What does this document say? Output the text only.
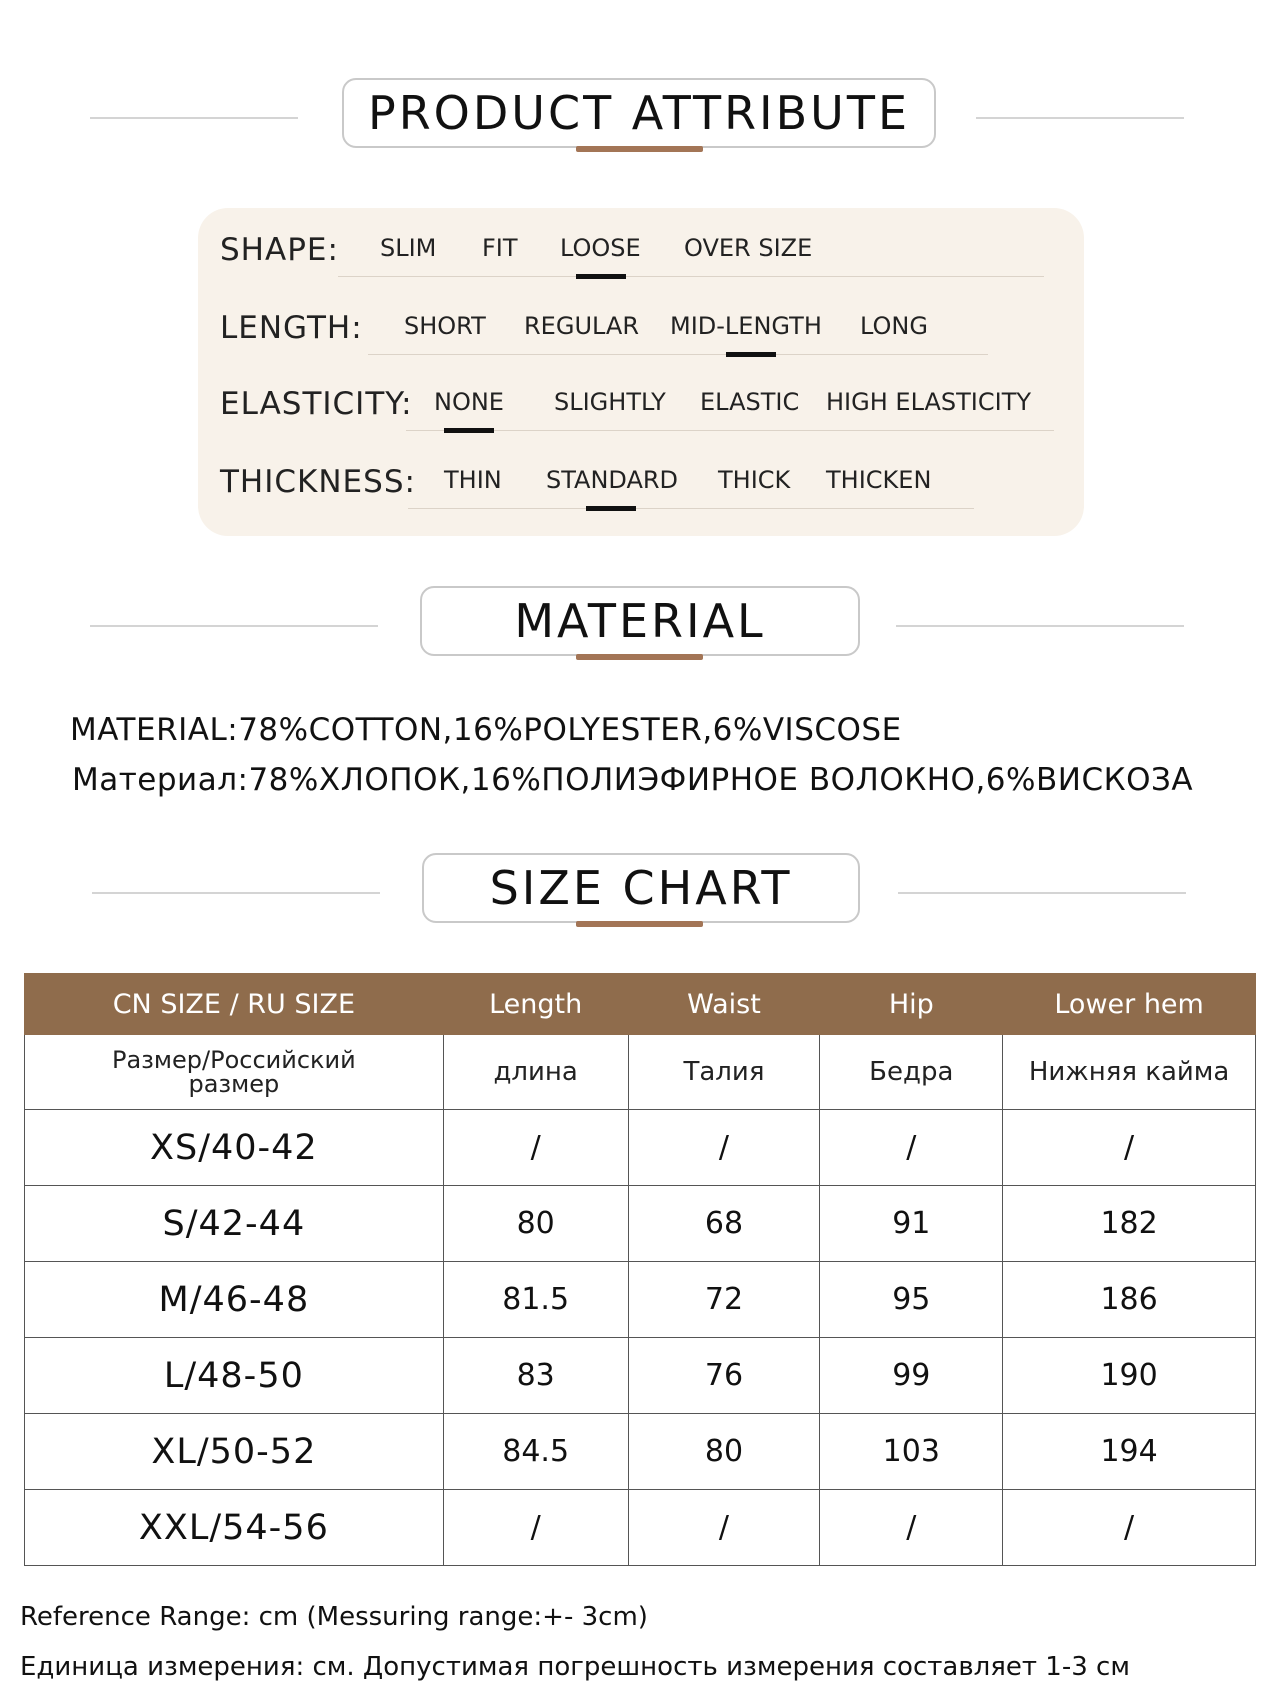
PRODUCT ATTRIBUTE
SHAPE: SLIM FIT LOOSE OVER SIZE
LENGTH: SHORT REGULAR MID-LENGTH LONG
ELASTICITY: NONE SLIGHTLY ELASTIC HIGH ELASTICITY
THICKNESS: THIN STANDARD THICK THICKEN
MATERIAL
MATERIAL:78%COTTON,16%POLYESTER,6%VISCOSE
Материал:78%ХЛОПОК,16%ПОЛИЭФИРНОЕ ВОЛОКНО,6%ВИСКОЗА
SIZE CHART
CN SIZE / RU SIZE	Length	Waist	Hip	Lower hem

Размер/Российский размер	длина	Талия	Бедра	Нижняя кайма
XS/40-42	/	/	/	/
S/42-44	80	68	91	182
M/46-48	81.5	72	95	186
L/48-50	83	76	99	190
XL/50-52	84.5	80	103	194
XXL/54-56	/	/	/	/
Reference Range: cm (Messuring range:+- 3cm)
Единица измерения: см. Допустимая погрешность измерения составляет 1-3 см
